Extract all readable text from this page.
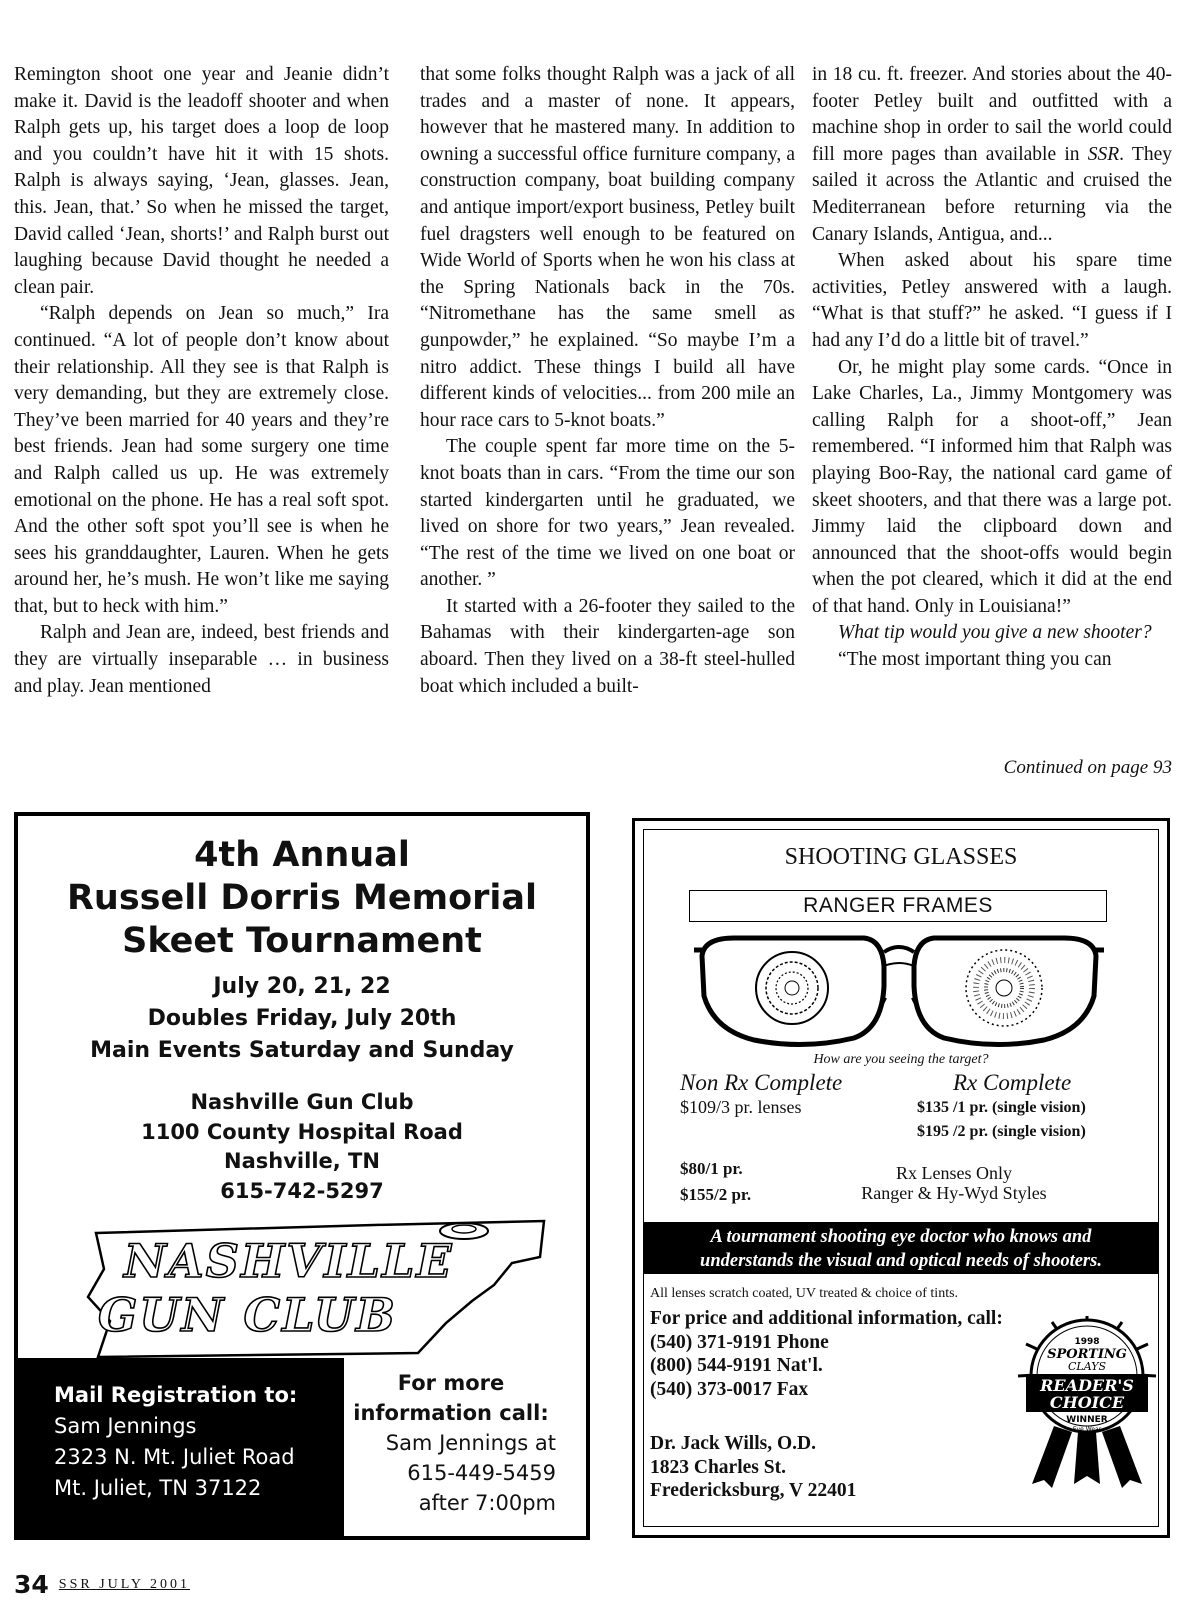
Remington shoot one year and Jeanie didn’t make it. David is the leadoff shooter and when Ralph gets up, his target does a loop de loop and you couldn’t have hit it with 15 shots. Ralph is always saying, ‘Jean, glasses. Jean, this. Jean, that.’ So when he missed the target, David called ‘Jean, shorts!’ and Ralph burst out laughing because David thought he needed a clean pair.

“Ralph depends on Jean so much,” Ira continued. “A lot of people don’t know about their relationship. All they see is that Ralph is very demanding, but they are extremely close. They’ve been married for 40 years and they’re best friends. Jean had some surgery one time and Ralph called us up. He was extremely emotional on the phone. He has a real soft spot. And the other soft spot you’ll see is when he sees his granddaughter, Lauren. When he gets around her, he’s mush. He won’t like me saying that, but to heck with him.”

Ralph and Jean are, indeed, best friends and they are virtually inseparable … in business and play. Jean mentioned

that some folks thought Ralph was a jack of all trades and a master of none. It appears, however that he mastered many. In addition to owning a successful office furniture company, a construction company, boat building company and antique import/export business, Petley built fuel dragsters well enough to be featured on Wide World of Sports when he won his class at the Spring Nationals back in the 70s. “Nitromethane has the same smell as gunpowder,” he explained. “So maybe I’m a nitro addict. These things I build all have different kinds of velocities... from 200 mile an hour race cars to 5-knot boats.”

The couple spent far more time on the 5-knot boats than in cars. “From the time our son started kindergarten until he graduated, we lived on shore for two years,” Jean revealed. “The rest of the time we lived on one boat or another. ”

It started with a 26-footer they sailed to the Bahamas with their kindergarten-age son aboard. Then they lived on a 38-ft steel-hulled boat which included a built-

in 18 cu. ft. freezer. And stories about the 40-footer Petley built and outfitted with a machine shop in order to sail the world could fill more pages than available in SSR. They sailed it across the Atlantic and cruised the Mediterranean before returning via the Canary Islands, Antigua, and...

When asked about his spare time activities, Petley answered with a laugh. “What is that stuff?” he asked. “I guess if I had any I’d do a little bit of travel.”

Or, he might play some cards. “Once in Lake Charles, La., Jimmy Montgomery was calling Ralph for a shoot-off,” Jean remembered. “I informed him that Ralph was playing Boo-Ray, the national card game of skeet shooters, and that there was a large pot. Jimmy laid the clipboard down and announced that the shoot-offs would begin when the pot cleared, which it did at the end of that hand. Only in Louisiana!”

What tip would you give a new shooter?

“The most important thing you can

Continued on page 93
4th Annual
Russell Dorris Memorial
Skeet Tournament
July 20, 21, 22
Doubles Friday, July 20th
Main Events Saturday and Sunday
Nashville Gun Club
1100 County Hospital Road
Nashville, TN
615-742-5297
NASHVILLE
GUN CLUB
Mail Registration to:
Sam Jennings
2323 N. Mt. Juliet Road
Mt. Juliet, TN 37122
For more
information call:
Sam Jennings at
615-449-5459
after 7:00pm
SHOOTING GLASSES
RANGER FRAMES
How are you seeing the target?
Non Rx Complete
$109/3 pr. lenses
Rx Complete
$135 /1 pr. (single vision)
$195 /2 pr. (single vision)
$80/1 pr.
$155/2 pr.
Rx Lenses Only
Ranger & Hy-Wyd Styles
A tournament shooting eye doctor who knows and
understands the visual and optical needs of shooters.
All lenses scratch coated, UV treated & choice of tints.
For price and additional information, call:
(540) 371-9191 Phone
(800) 544-9191 Nat'l.
(540) 373-0017 Fax
Dr. Jack Wills, O.D.
1823 Charles St.
Fredericksburg, V 22401
1998
SPORTING
CLAYS
READER'S
CHOICE
WINNER
Eye Wear
34 SSR JULY 2001
